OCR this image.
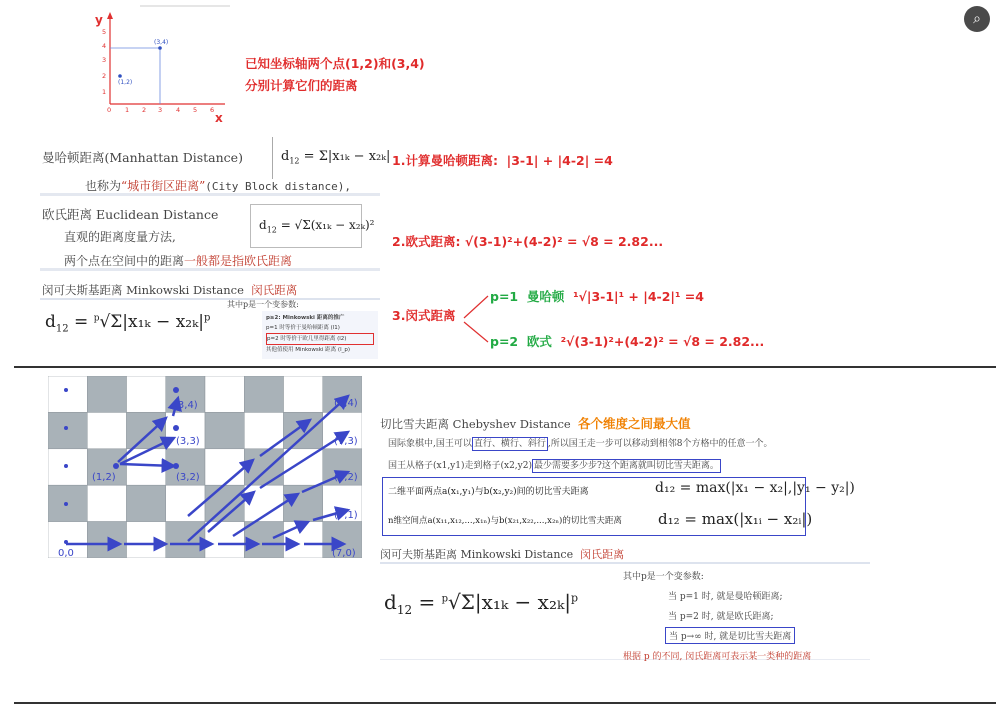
⌕
(1,2)
(3,4)
y
x
0 1 2 3 4 5 6
1
2
3
4
5
已知坐标轴两个点(1,2)和(3,4)
分别计算它们的距离
曼哈顿距离(Manhattan Distance)	$d_{12} = \Sigma|x_{1k} - x_{2k}|$
也称为“城市街区距离”(City Block distance),
1.计算曼哈顿距离: |3-1| + |4-2| =4
欧氏距离 Euclidean Distance
直观的距离度量方法,
两个点在空间中的距离一般都是指欧氏距离
$d_{12} = √\Sigma(x_{1k} - x_{2k})^2$
2.欧式距离: √(3-1)²+(4-2)² = √8 = 2.82...
闵可夫斯基距离 Minkowski Distance 闵氏距离
$d_{12} = ^p√\Sigma|x_{1k} - x_{2k}|^p$
其中p是一个变参数:
p≥2: Minkowski 距离的推广
p=1 时等价于曼哈顿距离 (l1)
p=2 时等价于欧几里得距离 (l2)
其他值使用 Minkowski 距离 (l_p)
3.闵式距离
p=1 曼哈顿 ¹√|3-1|¹ + |4-2|¹ =4
p=2 欧式 ²√(3-1)²+(4-2)² = √8 = 2.82...
(3,4)	(7,4)
(3,3)	(7,3)
(1,2)	(3,2)	(7,2)
(7,1)
0,0	(7,0)
切比雪夫距离 Chebyshev Distance 各个维度之间最大值
国际象棋中,国王可以 直行、横行、斜行 ,所以国王走一步可以移动到相邻8个方格中的任意一个。
国王从格子(x1,y1)走到格子(x2,y2) 最少需要多少步?这个距离就叫切比雪夫距离。
二维平面两点a(x₁,y₁)与b(x₂,y₂)间的切比雪夫距离	d₁₂ = max(|x₁ − x₂|,|y₁ − y₂|)
n维空间点a(x₁₁,x₁₂,...,x₁ₙ)与b(x₂₁,x₂₂,...,x₂ₙ)的切比雪夫距离 d₁₂ = max(|x₁ᵢ − x₂ᵢ|)
闵可夫斯基距离 Minkowski Distance 闵氏距离
$d_{12} = ^p√\Sigma|x_{1k} - x_{2k}|^p$
其中p是一个变参数:
当 p=1 时, 就是曼哈顿距离;
当 p=2 时, 就是欧氏距离;
当 p→∞ 时, 就是切比雪夫距离
根据 p 的不同, 闵氏距离可表示某一类种的距离
